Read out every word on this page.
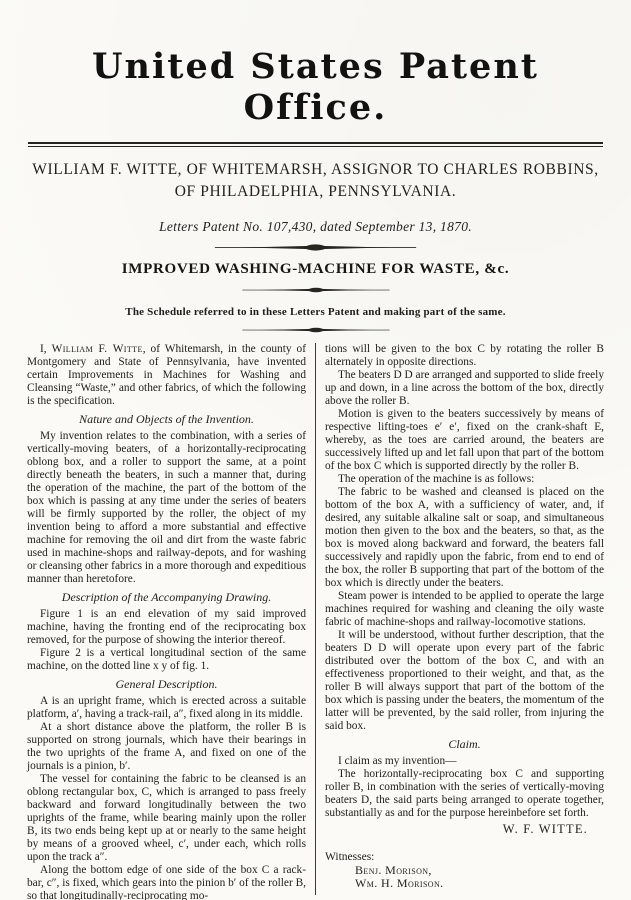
United States Patent Office.
WILLIAM F. WITTE, OF WHITEMARSH, ASSIGNOR TO CHARLES ROBBINS,
OF PHILADELPHIA, PENNSYLVANIA.
Letters Patent No. 107,430, dated September 13, 1870.
IMPROVED WASHING-MACHINE FOR WASTE, &c.
The Schedule referred to in these Letters Patent and making part of the same.

I, William F. Witte, of Whitemarsh, in the county of Montgomery and State of Pennsylvania, have invented certain Improvements in Machines for Washing and Cleansing “Waste,” and other fabrics, of which the following is the specification.

Nature and Objects of the Invention.

My invention relates to the combination, with a series of vertically-moving beaters, of a horizontally-reciprocating oblong box, and a roller to support the same, at a point directly beneath the beaters, in such a manner that, during the operation of the machine, the part of the bottom of the box which is passing at any time under the series of beaters will be firmly supported by the roller, the object of my invention being to afford a more substantial and effective machine for removing the oil and dirt from the waste fabric used in machine-shops and railway-depots, and for washing or cleansing other fabrics in a more thorough and expeditious manner than heretofore.

Description of the Accompanying Drawing.

Figure 1 is an end elevation of my said improved machine, having the fronting end of the reciprocating box removed, for the purpose of showing the interior thereof.

Figure 2 is a vertical longitudinal section of the same machine, on the dotted line x y of fig. 1.

General Description.

A is an upright frame, which is erected across a suitable platform, a′, having a track-rail, a″, fixed along in its middle.

At a short distance above the platform, the roller B is supported on strong journals, which have their bearings in the two uprights of the frame A, and fixed on one of the journals is a pinion, b′.

The vessel for containing the fabric to be cleansed is an oblong rectangular box, C, which is arranged to pass freely backward and forward longitudinally between the two uprights of the frame, while bearing mainly upon the roller B, its two ends being kept up at or nearly to the same height by means of a grooved wheel, c′, under each, which rolls upon the track a″.

Along the bottom edge of one side of the box C a rack-bar, c″, is fixed, which gears into the pinion b′ of the roller B, so that longitudinally-reciprocating mo-

tions will be given to the box C by rotating the roller B alternately in opposite directions.

The beaters D D are arranged and supported to slide freely up and down, in a line across the bottom of the box, directly above the roller B.

Motion is given to the beaters successively by means of respective lifting-toes e′ e′, fixed on the crank-shaft E, whereby, as the toes are carried around, the beaters are successively lifted up and let fall upon that part of the bottom of the box C which is supported directly by the roller B.

The operation of the machine is as follows:

The fabric to be washed and cleansed is placed on the bottom of the box A, with a sufficiency of water, and, if desired, any suitable alkaline salt or soap, and simultaneous motion then given to the box and the beaters, so that, as the box is moved along backward and forward, the beaters fall successively and rapidly upon the fabric, from end to end of the box, the roller B supporting that part of the bottom of the box which is directly under the beaters.

Steam power is intended to be applied to operate the large machines required for washing and cleaning the oily waste fabric of machine-shops and railway-locomotive stations.

It will be understood, without further description, that the beaters D D will operate upon every part of the fabric distributed over the bottom of the box C, and with an effectiveness proportioned to their weight, and that, as the roller B will always support that part of the bottom of the box which is passing under the beaters, the momentum of the latter will be prevented, by the said roller, from injuring the said box.

Claim.

I claim as my invention—

The horizontally-reciprocating box C and supporting roller B, in combination with the series of vertically-moving beaters D, the said parts being arranged to operate together, substantially as and for the purpose hereinbefore set forth.

W. F. WITTE.
Witnesses:
Benj. Morison,
Wm. H. Morison.
